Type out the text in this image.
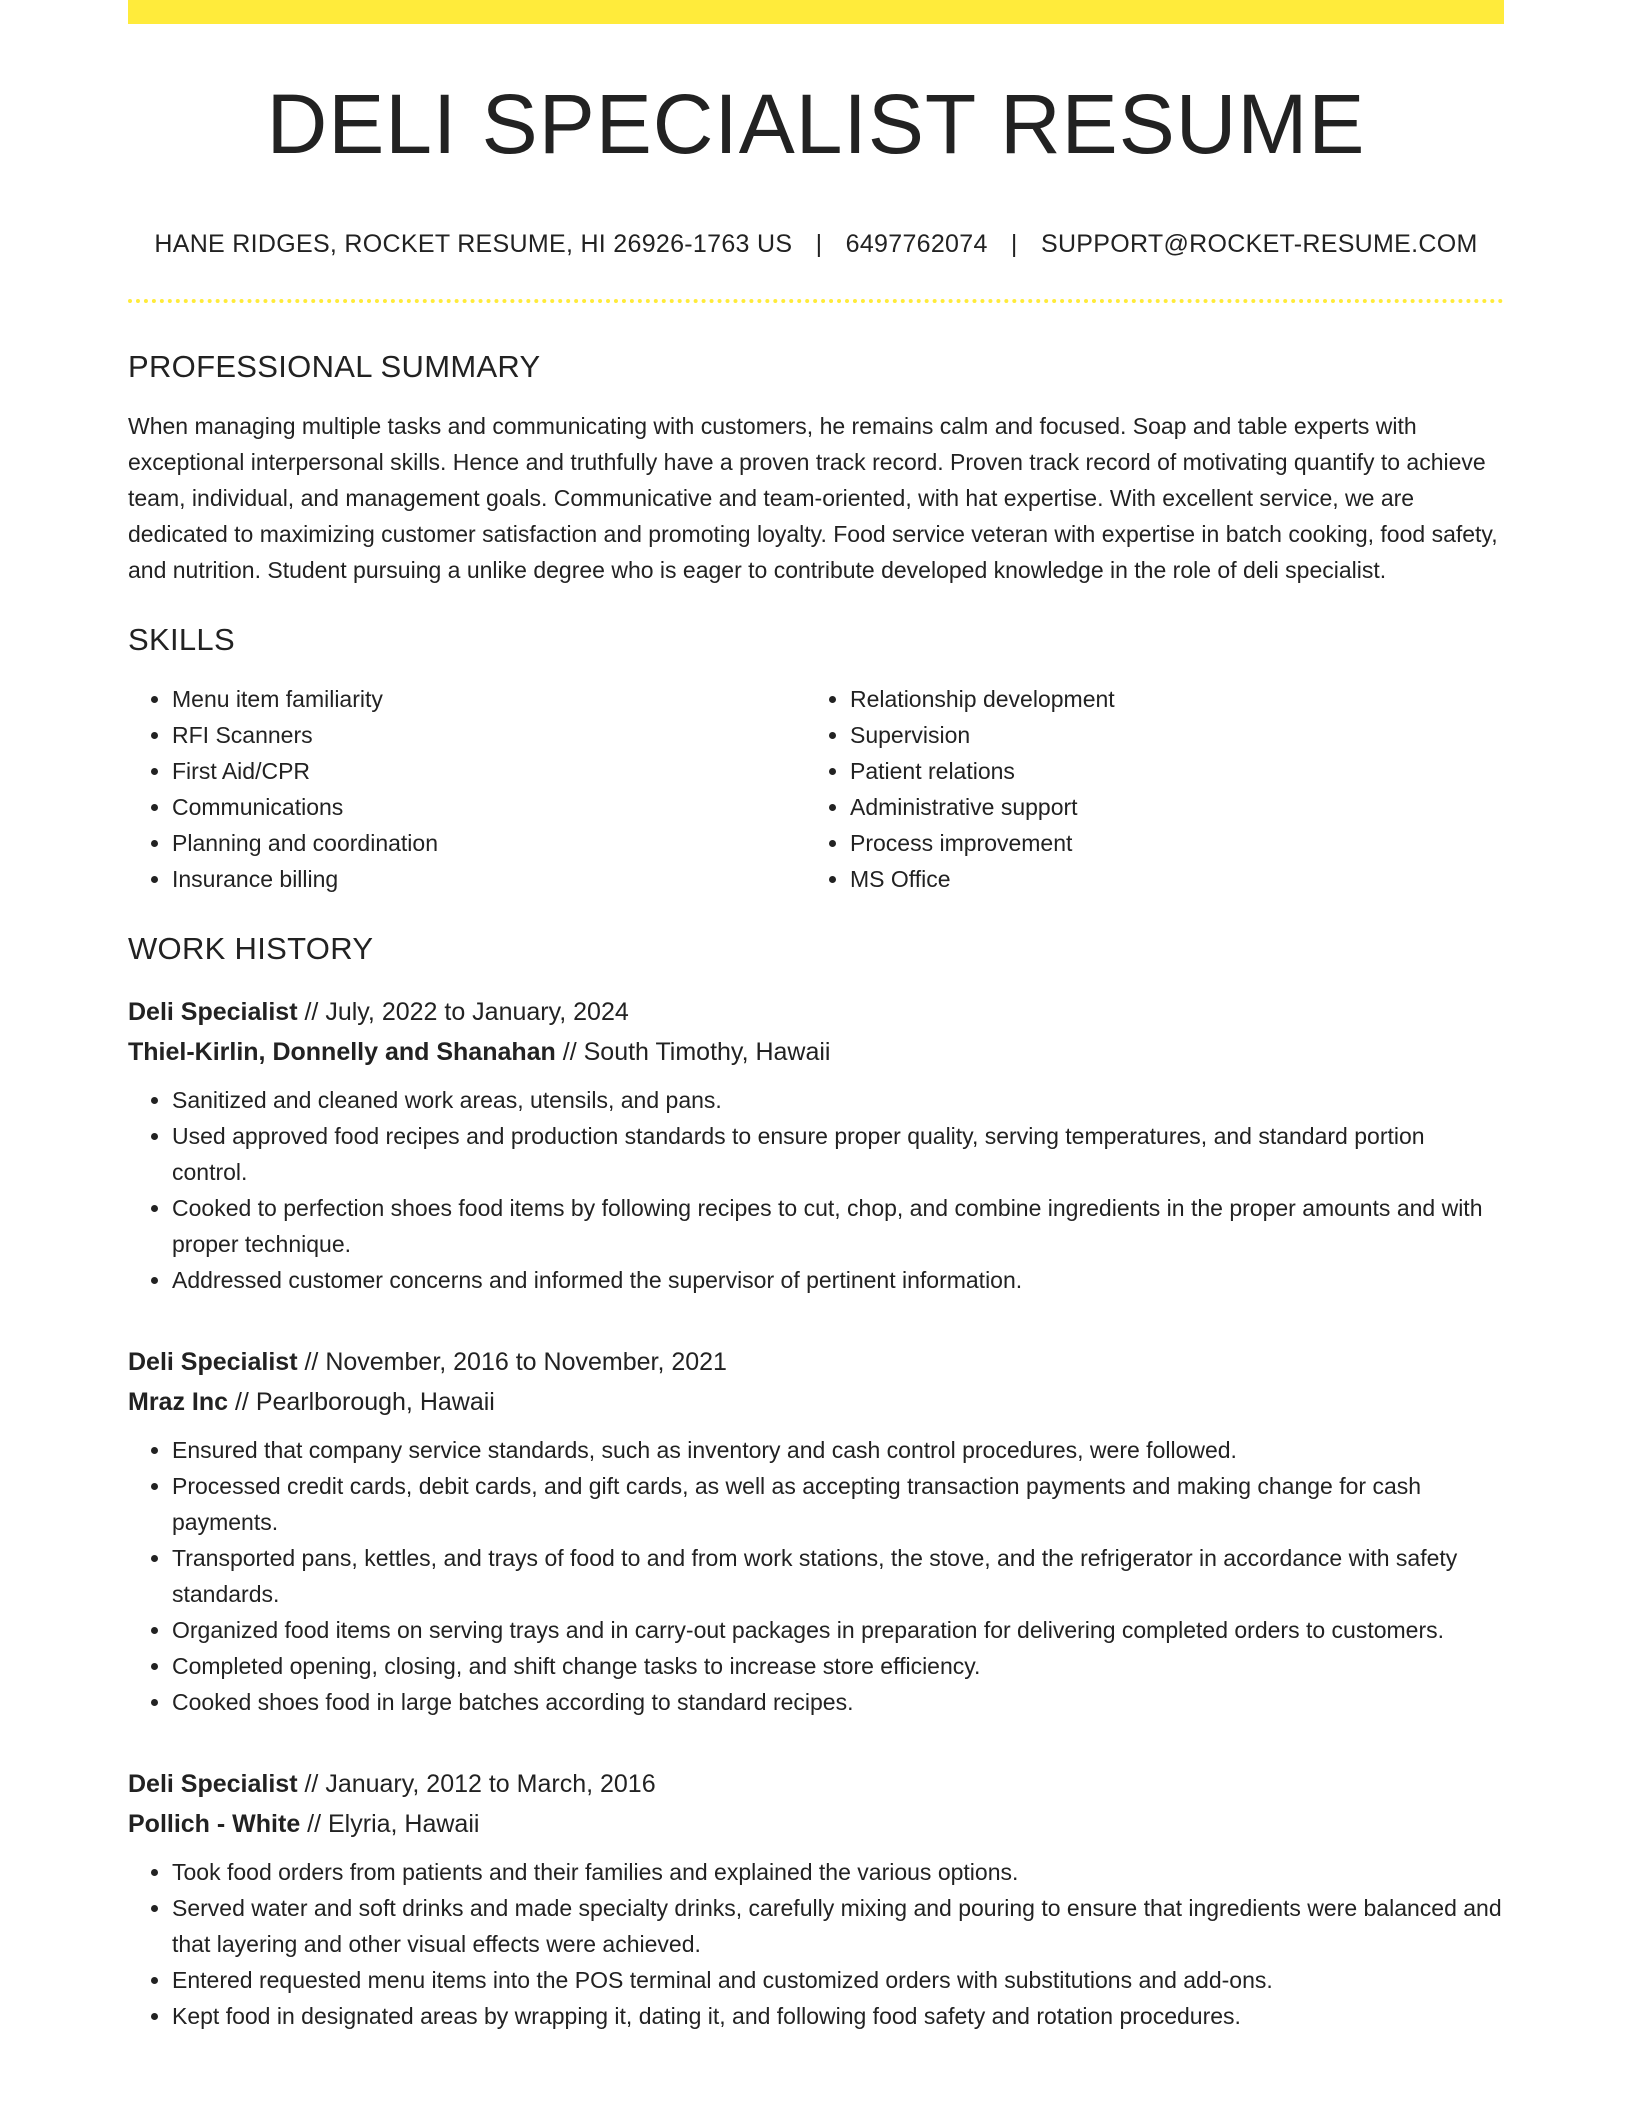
DELI SPECIALIST RESUME
HANE RIDGES, ROCKET RESUME, HI 26926-1763 US | 6497762074 | SUPPORT@ROCKET-RESUME.COM
PROFESSIONAL SUMMARY

When managing multiple tasks and communicating with customers, he remains calm and focused. Soap and table experts with exceptional interpersonal skills. Hence and truthfully have a proven track record. Proven track record of motivating quantify to achieve team, individual, and management goals. Communicative and team-oriented, with hat expertise. With excellent service, we are dedicated to maximizing customer satisfaction and promoting loyalty. Food service veteran with expertise in batch cooking, food safety, and nutrition. Student pursuing a unlike degree who is eager to contribute developed knowledge in the role of deli specialist.

SKILLS
• Menu item familiarity
• RFI Scanners
• First Aid/CPR
• Communications
• Planning and coordination
• Insurance billing
• Relationship development
• Supervision
• Patient relations
• Administrative support
• Process improvement
• MS Office
WORK HISTORY
Deli Specialist // July, 2022 to January, 2024
Thiel-Kirlin, Donnelly and Shanahan // South Timothy, Hawaii
• Sanitized and cleaned work areas, utensils, and pans.
• Used approved food recipes and production standards to ensure proper quality, serving temperatures, and standard portion control.
• Cooked to perfection shoes food items by following recipes to cut, chop, and combine ingredients in the proper amounts and with proper technique.
• Addressed customer concerns and informed the supervisor of pertinent information.
Deli Specialist // November, 2016 to November, 2021
Mraz Inc // Pearlborough, Hawaii
• Ensured that company service standards, such as inventory and cash control procedures, were followed.
• Processed credit cards, debit cards, and gift cards, as well as accepting transaction payments and making change for cash payments.
• Transported pans, kettles, and trays of food to and from work stations, the stove, and the refrigerator in accordance with safety standards.
• Organized food items on serving trays and in carry-out packages in preparation for delivering completed orders to customers.
• Completed opening, closing, and shift change tasks to increase store efficiency.
• Cooked shoes food in large batches according to standard recipes.
Deli Specialist // January, 2012 to March, 2016
Pollich - White // Elyria, Hawaii
• Took food orders from patients and their families and explained the various options.
• Served water and soft drinks and made specialty drinks, carefully mixing and pouring to ensure that ingredients were balanced and that layering and other visual effects were achieved.
• Entered requested menu items into the POS terminal and customized orders with substitutions and add-ons.
• Kept food in designated areas by wrapping it, dating it, and following food safety and rotation procedures.
